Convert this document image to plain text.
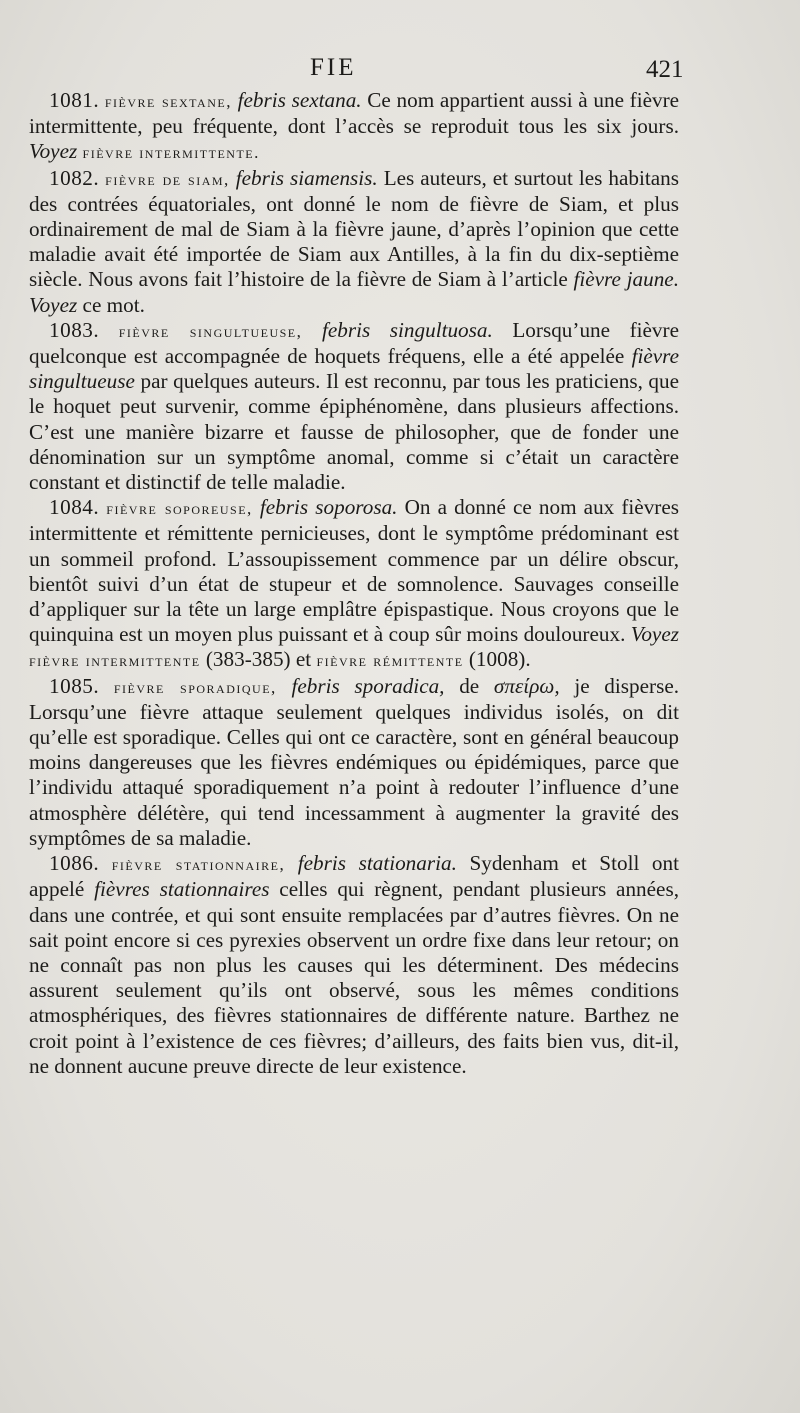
FIE	421

1081. fièvre sextane, febris sextana. Ce nom appartient aussi à une fièvre intermittente, peu fréquente, dont l’accès se reproduit tous les six jours. Voyez fièvre intermittente.

1082. fièvre de siam, febris siamensis. Les auteurs, et surtout les habitans des contrées équatoriales, ont donné le nom de fièvre de Siam, et plus ordinairement de mal de Siam à la fièvre jaune, d’après l’opinion que cette maladie avait été importée de Siam aux Antilles, à la fin du dix-septième siècle. Nous avons fait l’histoire de la fièvre de Siam à l’article fièvre jaune. Voyez ce mot.

1083. fièvre singultueuse, febris singultuosa. Lorsqu’une fièvre quelconque est accompagnée de hoquets fréquens, elle a été appelée fièvre singultueuse par quelques auteurs. Il est reconnu, par tous les praticiens, que le hoquet peut survenir, comme épiphénomène, dans plusieurs affections. C’est une manière bizarre et fausse de philosopher, que de fonder une dénomination sur un symptôme anomal, comme si c’était un caractère constant et distinctif de telle maladie.

1084. fièvre soporeuse, febris soporosa. On a donné ce nom aux fièvres intermittente et rémittente pernicieuses, dont le symptôme prédominant est un sommeil profond. L’assoupissement commence par un délire obscur, bientôt suivi d’un état de stupeur et de somnolence. Sauvages conseille d’appliquer sur la tête un large emplâtre épispastique. Nous croyons que le quinquina est un moyen plus puissant et à coup sûr moins douloureux. Voyez fièvre intermittente (383-385) et fièvre rémittente (1008).

1085. fièvre sporadique, febris sporadica, de σπείρω, je disperse. Lorsqu’une fièvre attaque seulement quelques individus isolés, on dit qu’elle est sporadique. Celles qui ont ce caractère, sont en général beaucoup moins dangereuses que les fièvres endémiques ou épidémiques, parce que l’individu attaqué sporadiquement n’a point à redouter l’influence d’une atmosphère délétère, qui tend incessamment à augmenter la gravité des symptômes de sa maladie.

1086. fièvre stationnaire, febris stationaria. Sydenham et Stoll ont appelé fièvres stationnaires celles qui règnent, pendant plusieurs années, dans une contrée, et qui sont ensuite remplacées par d’autres fièvres. On ne sait point encore si ces pyrexies observent un ordre fixe dans leur retour; on ne connaît pas non plus les causes qui les déterminent. Des médecins assurent seulement qu’ils ont observé, sous les mêmes conditions atmosphériques, des fièvres stationnaires de différente nature. Barthez ne croit point à l’existence de ces fièvres; d’ailleurs, des faits bien vus, dit-il, ne donnent aucune preuve directe de leur existence.
